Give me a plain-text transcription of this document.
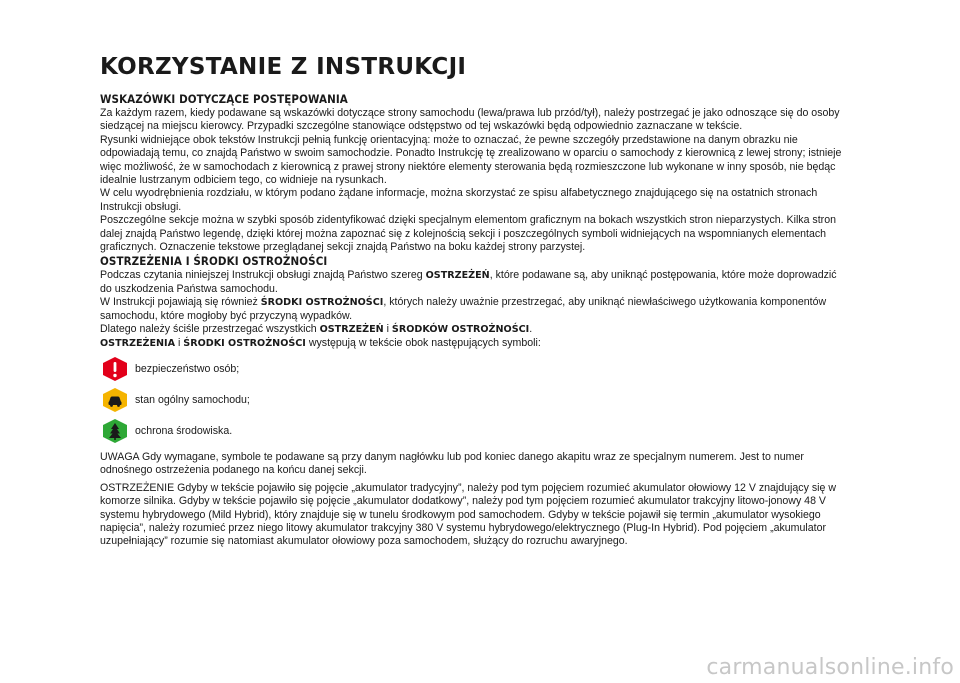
KORZYSTANIE Z INSTRUKCJI
WSKAZÓWKI DOTYCZĄCE POSTĘPOWANIA

Za każdym razem, kiedy podawane są wskazówki dotyczące strony samochodu (lewa/prawa lub przód/tył), należy postrzegać je jako odnoszące się do osoby siedzącej na miejscu kierowcy. Przypadki szczególne stanowiące odstępstwo od tej wskazówki będą odpowiednio zaznaczane w tekście.

Rysunki widniejące obok tekstów Instrukcji pełnią funkcję orientacyjną: może to oznaczać, że pewne szczegóły przedstawione na danym obrazku nie odpowiadają temu, co znajdą Państwo w swoim samochodzie. Ponadto Instrukcję tę zrealizowano w oparciu o samochody z kierownicą z lewej strony; istnieje więc możliwość, że w samochodach z kierownicą z prawej strony niektóre elementy sterowania będą rozmieszczone lub wykonane w inny sposób, nie będąc idealnie lustrzanym odbiciem tego, co widnieje na rysunkach.

W celu wyodrębnienia rozdziału, w którym podano żądane informacje, można skorzystać ze spisu alfabetycznego znajdującego się na ostatnich stronach Instrukcji obsługi.

Poszczególne sekcje można w szybki sposób zidentyfikować dzięki specjalnym elementom graficznym na bokach wszystkich stron nieparzystych. Kilka stron dalej znajdą Państwo legendę, dzięki której można zapoznać się z kolejnością sekcji i poszczególnych symboli widniejących na wspomnianych elementach graficznych. Oznaczenie tekstowe przeglądanej sekcji znajdą Państwo na boku każdej strony parzystej.

OSTRZEŻENIA I ŚRODKI OSTROŻNOŚCI

Podczas czytania niniejszej Instrukcji obsługi znajdą Państwo szereg OSTRZEŻEŃ, które podawane są, aby uniknąć postępowania, które może doprowadzić do uszkodzenia Państwa samochodu.

W Instrukcji pojawiają się również ŚRODKI OSTROŻNOŚCI, których należy uważnie przestrzegać, aby uniknąć niewłaściwego użytkowania komponentów samochodu, które mogłoby być przyczyną wypadków.

Dlatego należy ściśle przestrzegać wszystkich OSTRZEŻEŃ i ŚRODKÓW OSTROŻNOŚCI.

OSTRZEŻENIA i ŚRODKI OSTROŻNOŚCI występują w tekście obok następujących symboli:

bezpieczeństwo osób;

stan ogólny samochodu;

ochrona środowiska.

UWAGA Gdy wymagane, symbole te podawane są przy danym nagłówku lub pod koniec danego akapitu wraz ze specjalnym numerem. Jest to numer odnośnego ostrzeżenia podanego na końcu danej sekcji.

OSTRZEŻENIE Gdyby w tekście pojawiło się pojęcie „akumulator tradycyjny”, należy pod tym pojęciem rozumieć akumulator ołowiowy 12 V znajdujący się w komorze silnika. Gdyby w tekście pojawiło się pojęcie „akumulator dodatkowy”, należy pod tym pojęciem rozumieć akumulator trakcyjny litowo-jonowy 48 V systemu hybrydowego (Mild Hybrid), który znajduje się w tunelu środkowym pod samochodem. Gdyby w tekście pojawił się termin „akumulator wysokiego napięcia”, należy rozumieć przez niego litowy akumulator trakcyjny 380 V systemu hybrydowego/elektrycznego (Plug-In Hybrid). Pod pojęciem „akumulator uzupełniający” rozumie się natomiast akumulator ołowiowy poza samochodem, służący do rozruchu awaryjnego.

carmanualsonline.info
